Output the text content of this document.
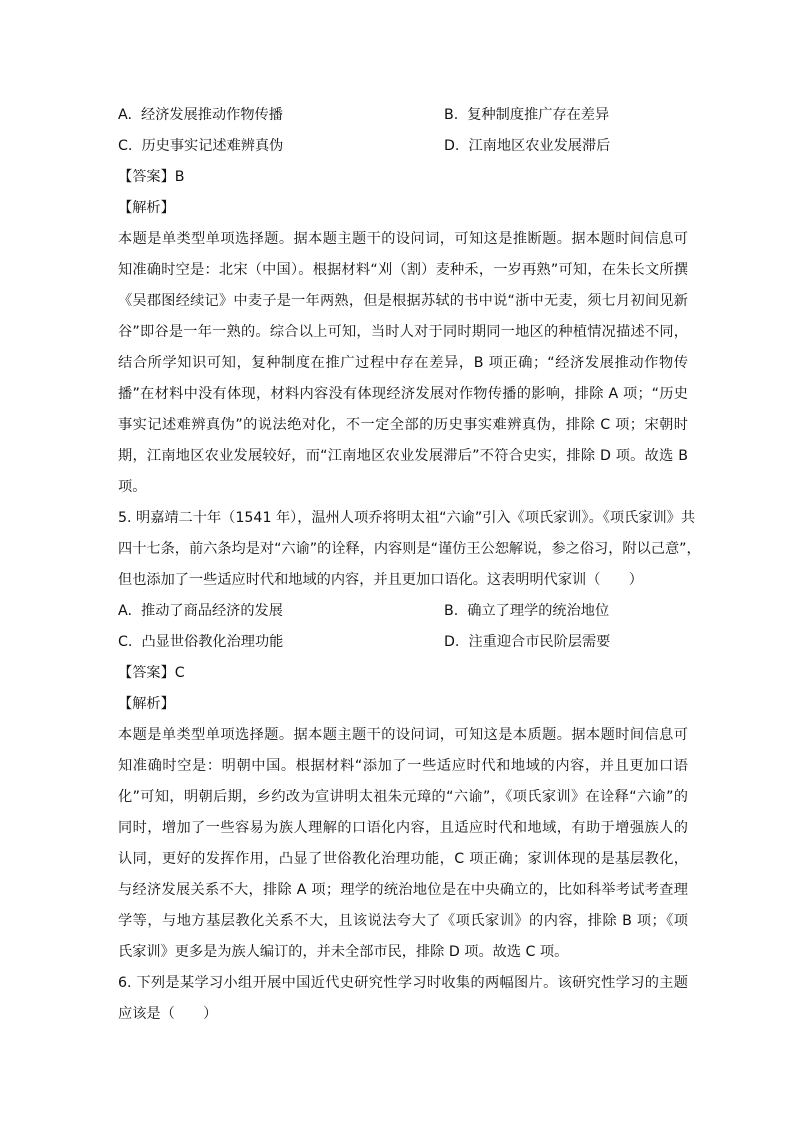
A. 经济发展推动作物传播	B. 复种制度推广存在差异
C. 历史事实记述难辨真伪	D. 江南地区农业发展滞后
【答案】B
【解析】
本题是单类型单项选择题。据本题主题干的设问词，可知这是推断题。据本题时间信息可
知准确时空是：北宋（中国）。根据材料“刈（割）麦种禾，一岁再熟”可知，在朱长文所撰
《吴郡图经续记》中麦子是一年两熟，但是根据苏轼的书中说“浙中无麦，须七月初间见新
谷”即谷是一年一熟的。综合以上可知，当时人对于同时期同一地区的种植情况描述不同，
结合所学知识可知，复种制度在推广过程中存在差异，B 项正确；“经济发展推动作物传
播”在材料中没有体现，材料内容没有体现经济发展对作物传播的影响，排除 A 项；“历史
事实记述难辨真伪”的说法绝对化，不一定全部的历史事实难辨真伪，排除 C 项；宋朝时
期，江南地区农业发展较好，而“江南地区农业发展滞后”不符合史实，排除 D 项。故选 B
项。
5. 明嘉靖二十年（1541 年），温州人项乔将明太祖“六谕”引入《项氏家训》。《项氏家训》共
四十七条，前六条均是对“六谕”的诠释，内容则是“谨仿王公恕解说，参之俗习，附以己意”，
但也添加了一些适应时代和地域的内容，并且更加口语化。这表明明代家训（　　）
A. 推动了商品经济的发展	B. 确立了理学的统治地位
C. 凸显世俗教化治理功能	D. 注重迎合市民阶层需要
【答案】C
【解析】
本题是单类型单项选择题。据本题主题干的设问词，可知这是本质题。据本题时间信息可
知准确时空是：明朝中国。根据材料“添加了一些适应时代和地域的内容，并且更加口语
化”可知，明朝后期，乡约改为宣讲明太祖朱元璋的“六谕”，《项氏家训》在诠释“六谕”的
同时，增加了一些容易为族人理解的口语化内容，且适应时代和地域，有助于增强族人的
认同，更好的发挥作用，凸显了世俗教化治理功能，C 项正确；家训体现的是基层教化，
与经济发展关系不大，排除 A 项；理学的统治地位是在中央确立的，比如科举考试考查理
学等，与地方基层教化关系不大，且该说法夸大了《项氏家训》的内容，排除 B 项；《项
氏家训》更多是为族人编订的，并未全部市民，排除 D 项。故选 C 项。
6. 下列是某学习小组开展中国近代史研究性学习时收集的两幅图片。该研究性学习的主题
应该是（　　）
